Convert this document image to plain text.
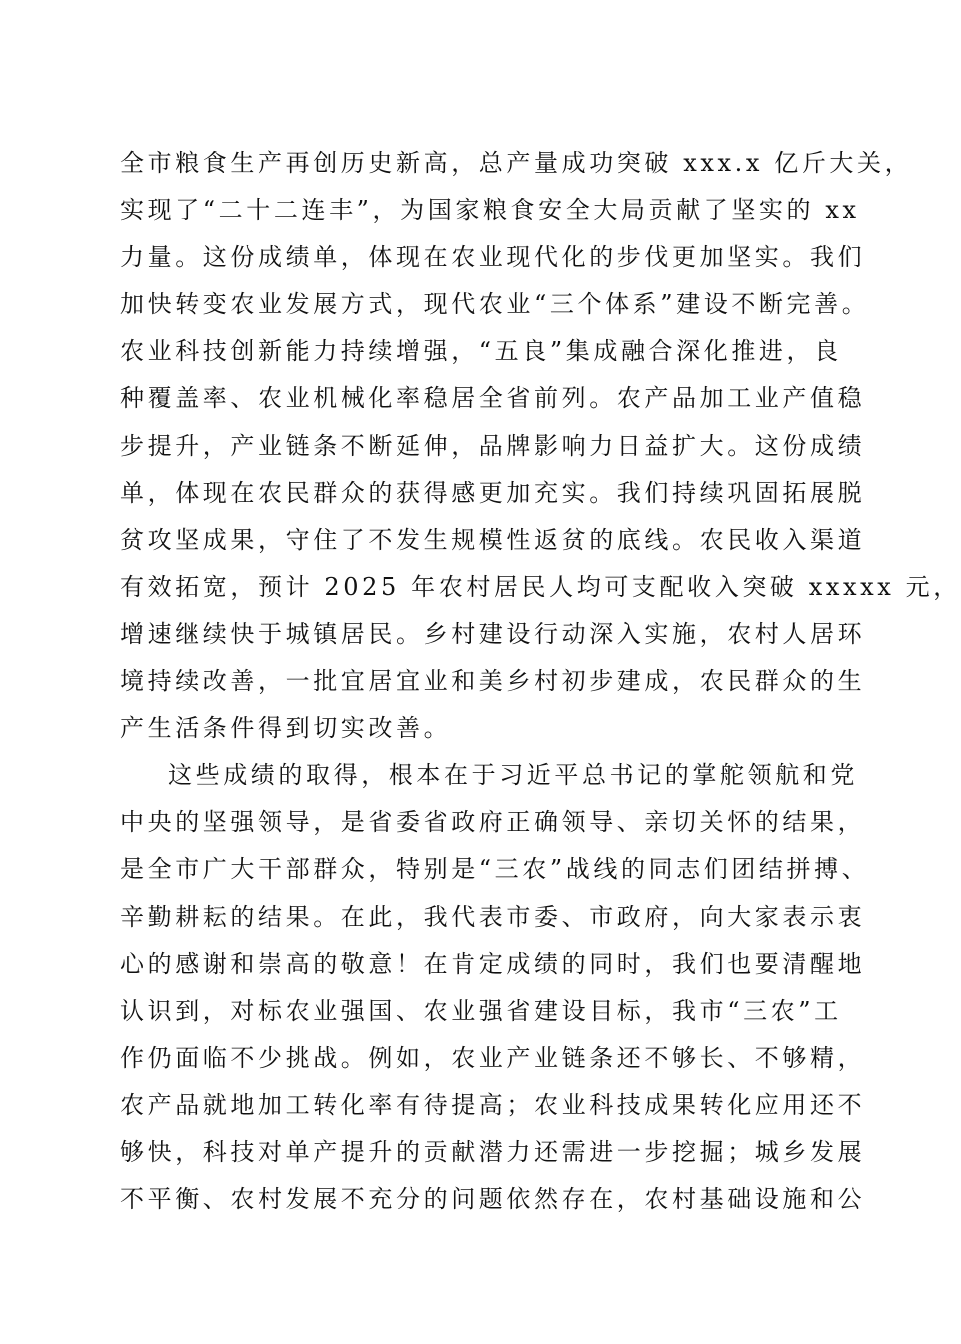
全市粮食生产再创历史新高，总产量成功突破 xxx.x 亿斤大关，
实现了“二十二连丰”，为国家粮食安全大局贡献了坚实的 xx
力量。这份成绩单，体现在农业现代化的步伐更加坚实。我们
加快转变农业发展方式，现代农业“三个体系”建设不断完善。
农业科技创新能力持续增强，“五良”集成融合深化推进，良
种覆盖率、农业机械化率稳居全省前列。农产品加工业产值稳
步提升，产业链条不断延伸，品牌影响力日益扩大。这份成绩
单，体现在农民群众的获得感更加充实。我们持续巩固拓展脱
贫攻坚成果，守住了不发生规模性返贫的底线。农民收入渠道
有效拓宽，预计 2025 年农村居民人均可支配收入突破 xxxxx 元，
增速继续快于城镇居民。乡村建设行动深入实施，农村人居环
境持续改善，一批宜居宜业和美乡村初步建成，农民群众的生
产生活条件得到切实改善。
这些成绩的取得，根本在于习近平总书记的掌舵领航和党
中央的坚强领导，是省委省政府正确领导、亲切关怀的结果，
是全市广大干部群众，特别是“三农”战线的同志们团结拼搏、
辛勤耕耘的结果。在此，我代表市委、市政府，向大家表示衷
心的感谢和崇高的敬意！在肯定成绩的同时，我们也要清醒地
认识到，对标农业强国、农业强省建设目标，我市“三农”工
作仍面临不少挑战。例如，农业产业链条还不够长、不够精，
农产品就地加工转化率有待提高；农业科技成果转化应用还不
够快，科技对单产提升的贡献潜力还需进一步挖掘；城乡发展
不平衡、农村发展不充分的问题依然存在，农村基础设施和公
